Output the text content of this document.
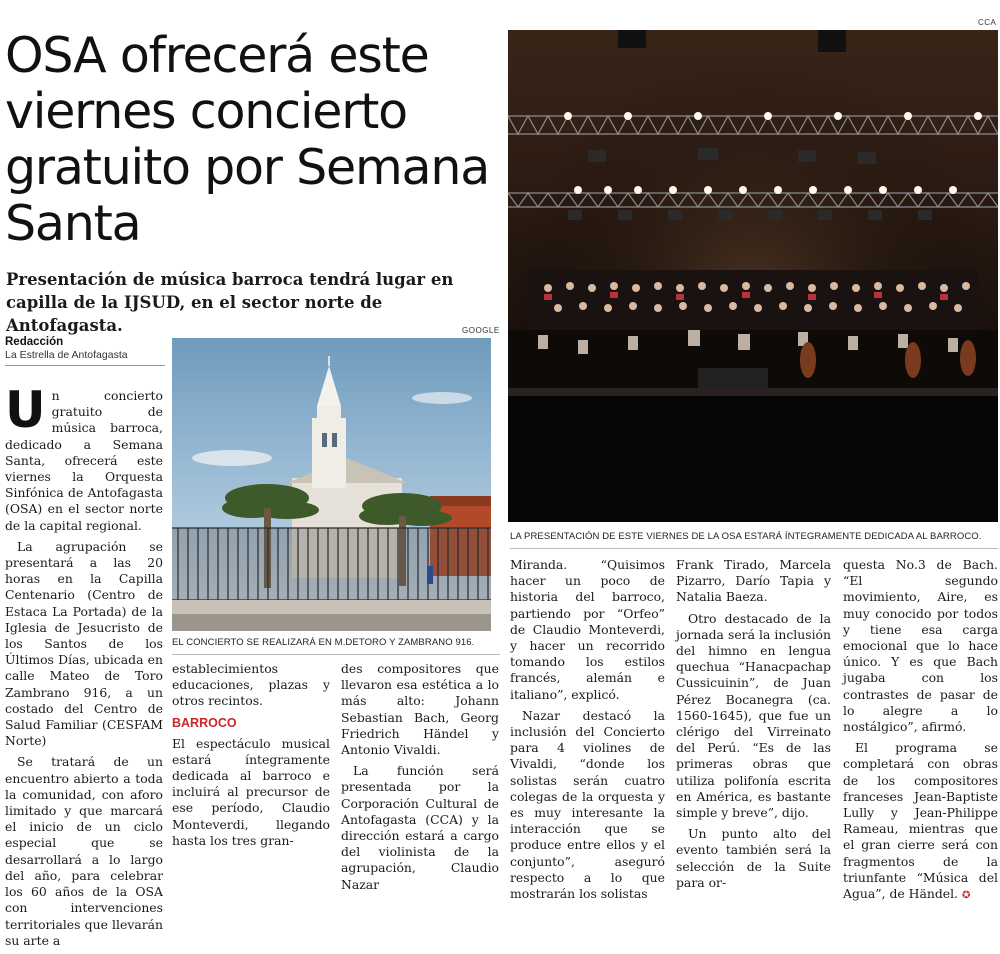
CCA
GOOGLE
OSA ofrecerá este viernes concierto gratuito por Semana Santa
Presentación de música barroca tendrá lugar en capilla de la IJSUD, en el sector norte de Antofagasta.
Redacción
La Estrella de Antofagasta
LA PRESENTACIÓN DE ESTE VIERNES DE LA OSA ESTARÁ ÍNTEGRAMENTE DEDICADA AL BARROCO.
EL CONCIERTO SE REALIZARÁ EN M.DETORO Y ZAMBRANO 916.

Un concierto gratuito de música barroca, dedicado a Semana Santa, ofrecerá este viernes la Orquesta Sinfónica de Antofagasta (OSA) en el sector norte de la capital regional.

La agrupación se presentará a las 20 horas en la Capilla Centenario (Centro de Estaca La Portada) de la Iglesia de Jesucristo de los Santos de los Últimos Días, ubicada en calle Mateo de Toro Zambrano 916, a un costado del Centro de Salud Familiar (CESFAM Norte)

Se tratará de un encuentro abierto a toda la comunidad, con aforo limitado y que marcará el inicio de un ciclo especial que se desarrollará a lo largo del año, para celebrar los 60 años de la OSA con intervenciones territoriales que llevarán su arte a

establecimientos educaciones, plazas y otros recintos.

BARROCO

El espectáculo musical estará íntegramente dedicada al barroco e incluirá al precursor de ese período, Claudio Monteverdi, llegando hasta los tres gran-

des compositores que llevaron esa estética a lo más alto: Johann Sebastian Bach, Georg Friedrich Händel y Antonio Vivaldi.

La función será presentada por la Corporación Cultural de Antofagasta (CCA) y la dirección estará a cargo del violinista de la agrupación, Claudio Nazar

Miranda. “Quisimos hacer un poco de historia del barroco, partiendo por “Orfeo” de Claudio Monteverdi, y hacer un recorrido tomando los estilos francés, alemán e italiano”, explicó.

Nazar destacó la inclusión del Concierto para 4 violines de Vivaldi, “donde los solistas serán cuatro colegas de la orquesta y es muy interesante la interacción que se produce entre ellos y el conjunto”, aseguró respecto a lo que mostrarán los solistas

Frank Tirado, Marcela Pizarro, Darío Tapia y Natalia Baeza.

Otro destacado de la jornada será la inclusión del himno en lengua quechua “Hanacpachap Cussicuinin”, de Juan Pérez Bocanegra (ca. 1560-1645), que fue un clérigo del Virreinato del Perú. “Es de las primeras obras que utiliza polifonía escrita en América, es bastante simple y breve”, dijo.

Un punto alto del evento también será la selección de la Suite para or-

questa No.3 de Bach. “El segundo movimiento, Aire, es muy conocido por todos y tiene esa carga emocional que lo hace único. Y es que Bach jugaba con los contrastes de pasar de lo alegre a lo nostálgico”, afirmó.

El programa se completará con obras de los compositores franceses Jean-Baptiste Lully y Jean-Philippe Rameau, mientras que el gran cierre será con fragmentos de la triunfante “Música del Agua”, de Händel. ✪
